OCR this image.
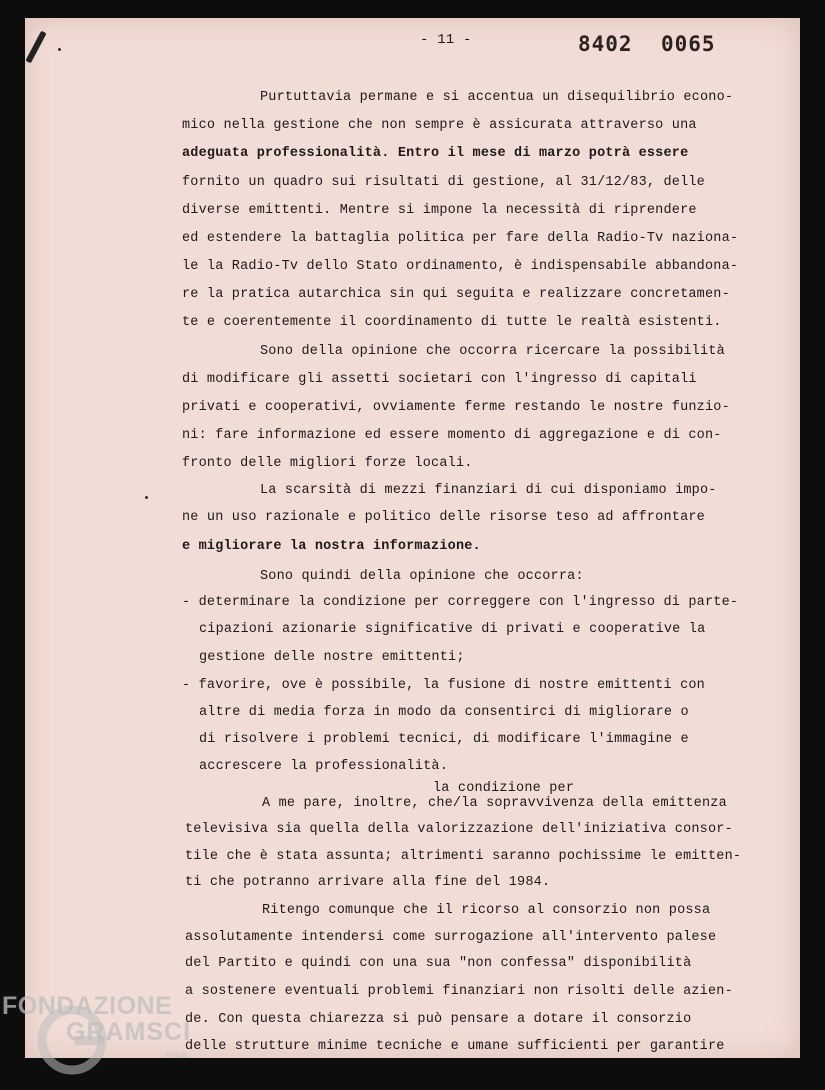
- 11 -	8402 0065
Purtuttavia permane e si accentua un disequilibrio econo-
mico nella gestione che non sempre è assicurata attraverso una
adeguata professionalità. Entro il mese di marzo potrà essere
fornito un quadro sui risultati di gestione, al 31/12/83, delle
diverse emittenti. Mentre si impone la necessità di riprendere
ed estendere la battaglia politica per fare della Radio-Tv naziona-
le la Radio-Tv dello Stato ordinamento, è indispensabile abbandona-
re la pratica autarchica sin qui seguita e realizzare concretamen-
te e coerentemente il coordinamento di tutte le realtà esistenti.
Sono della opinione che occorra ricercare la possibilità
di modificare gli assetti societari con l'ingresso di capitali
privati e cooperativi, ovviamente ferme restando le nostre funzio-
ni: fare informazione ed essere momento di aggregazione e di con-
fronto delle migliori forze locali.
La scarsità di mezzi finanziari di cui disponiamo impo-
ne un uso razionale e politico delle risorse teso ad affrontare
e migliorare la nostra informazione.
Sono quindi della opinione che occorra:
- determinare la condizione per correggere con l'ingresso di parte-
cipazioni azionarie significative di privati e cooperative la
gestione delle nostre emittenti;
- favorire, ove è possibile, la fusione di nostre emittenti con
altre di media forza in modo da consentirci di migliorare o
di risolvere i problemi tecnici, di modificare l'immagine e
accrescere la professionalità.
la condizione per
A me pare, inoltre, che/la sopravvivenza della emittenza
televisiva sia quella della valorizzazione dell'iniziativa consor-
tile che è stata assunta; altrimenti saranno pochissime le emitten-
ti che potranno arrivare alla fine del 1984.
Ritengo comunque che il ricorso al consorzio non possa
assolutamente intendersi come surrogazione all'intervento palese
del Partito e quindi con una sua "non confessa" disponibilità
a sostenere eventuali problemi finanziari non risolti delle azien-
de. Con questa chiarezza si può pensare a dotare il consorzio
delle strutture minime tecniche e umane sufficienti per garantire
FONDAZIONE
GRAMSCI
onlus
